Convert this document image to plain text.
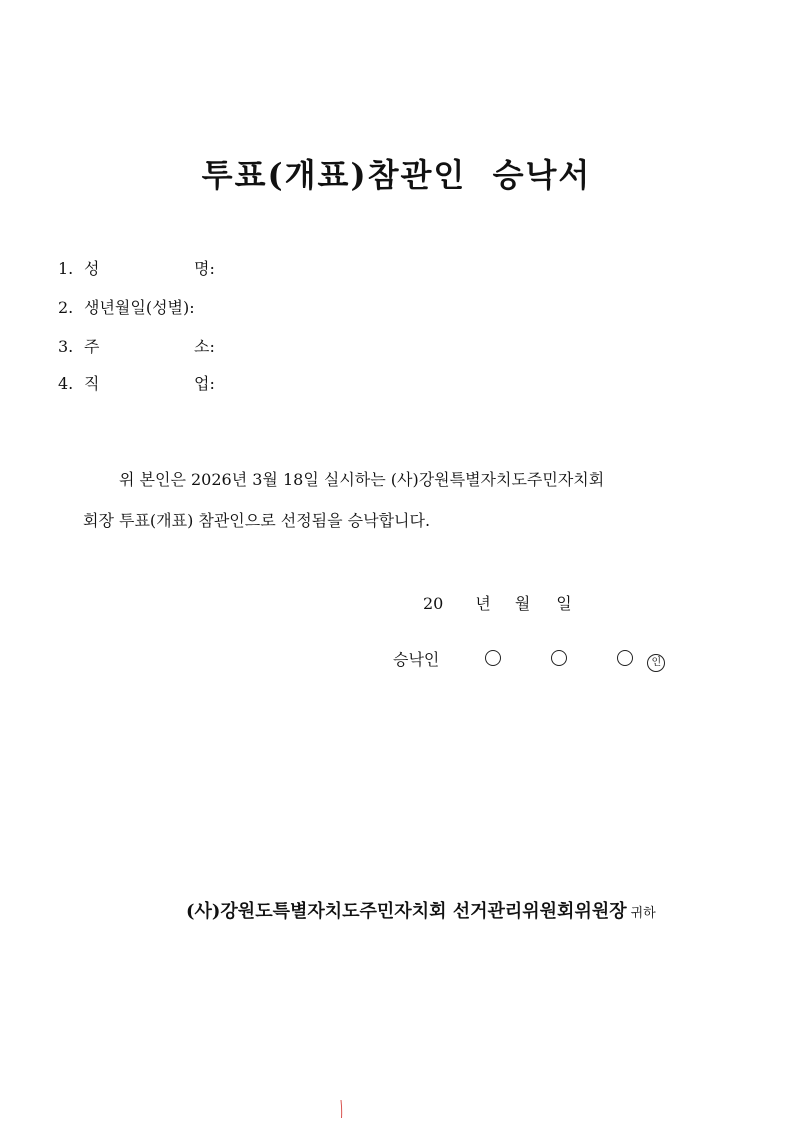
투표(개표)참관인  승낙서
1. 성	명:
2. 생년월일(성별):
3. 주	소:
4. 직	업:
위 본인은 2026년 3월 18일 실시하는 (사)강원특별자치도주민자치회
회장 투표(개표) 참관인으로 선정됨을 승낙합니다.
20 년 월 일
승낙인	인
(사)강원도특별자치도주민자치회 선거관리위원회위원장 귀하
